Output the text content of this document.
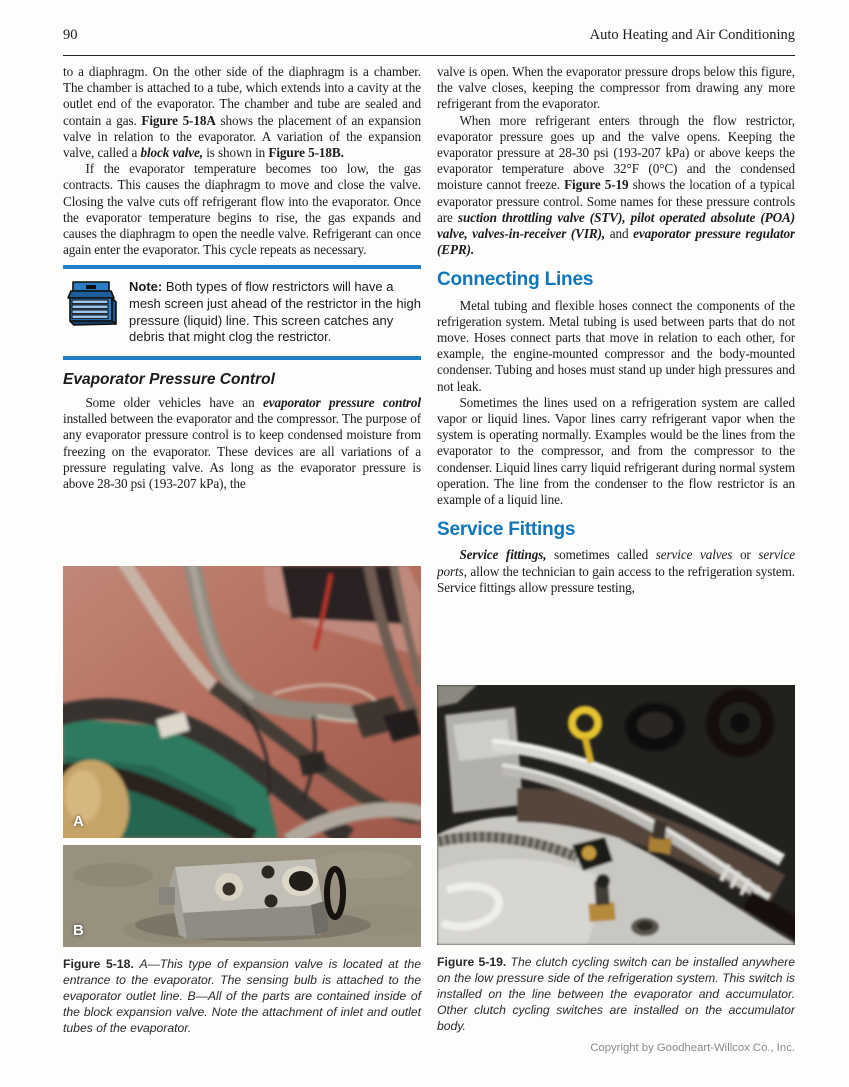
90	Auto Heating and Air Conditioning

to a diaphragm. On the other side of the diaphragm is a chamber. The chamber is attached to a tube, which extends into a cavity at the outlet end of the evaporator. The chamber and tube are sealed and contain a gas. Figure 5-18A shows the placement of an expansion valve in relation to the evaporator. A variation of the expansion valve, called a block valve, is shown in Figure 5-18B.

If the evaporator temperature becomes too low, the gas contracts. This causes the diaphragm to move and close the valve. Closing the valve cuts off refrigerant flow into the evaporator. Once the evaporator temperature begins to rise, the gas expands and causes the diaphragm to open the needle valve. Refrigerant can once again enter the evaporator. This cycle repeats as necessary.

Note: Both types of flow restrictors will have a mesh screen just ahead of the restrictor in the high pressure (liquid) line. This screen catches any debris that might clog the restrictor.
Evaporator Pressure Control

Some older vehicles have an evaporator pressure control installed between the evaporator and the compressor. The purpose of any evaporator pressure control is to keep condensed moisture from freezing on the evaporator. These devices are all variations of a pressure regulating valve. As long as the evaporator pressure is above 28-30 psi (193-207 kPa), the

valve is open. When the evaporator pressure drops below this figure, the valve closes, keeping the compressor from drawing any more refrigerant from the evaporator.

When more refrigerant enters through the flow restrictor, evaporator pressure goes up and the valve opens. Keeping the evaporator pressure at 28-30 psi (193-207 kPa) or above keeps the evaporator temperature above 32°F (0°C) and the condensed moisture cannot freeze. Figure 5-19 shows the location of a typical evaporator pressure control. Some names for these pressure controls are suction throttling valve (STV), pilot operated absolute (POA) valve, valves-in-receiver (VIR), and evaporator pressure regulator (EPR).

Connecting Lines

Metal tubing and flexible hoses connect the components of the refrigeration system. Metal tubing is used between parts that do not move. Hoses connect parts that move in relation to each other, for example, the engine-mounted compressor and the body-mounted condenser. Tubing and hoses must stand up under high pressures and not leak.

Sometimes the lines used on a refrigeration system are called vapor or liquid lines. Vapor lines carry refrigerant vapor when the system is operating normally. Examples would be the lines from the evaporator to the compressor, and from the compressor to the condenser. Liquid lines carry liquid refrigerant during normal system operation. The line from the condenser to the flow restrictor is an example of a liquid line.

Service Fittings

Service fittings, sometimes called service valves or service ports, allow the technician to gain access to the refrigeration system. Service fittings allow pressure testing,

A
B
Figure 5-18. A—This type of expansion valve is located at the entrance to the evaporator. The sensing bulb is attached to the evaporator outlet line. B—All of the parts are contained inside of the block expansion valve. Note the attachment of inlet and outlet tubes of the evaporator.
Figure 5-19. The clutch cycling switch can be installed anywhere on the low pressure side of the refrigeration system. This switch is installed on the line between the evaporator and accumulator. Other clutch cycling switches are installed on the accumulator body.
Copyright by Goodheart-Willcox Co., Inc.
